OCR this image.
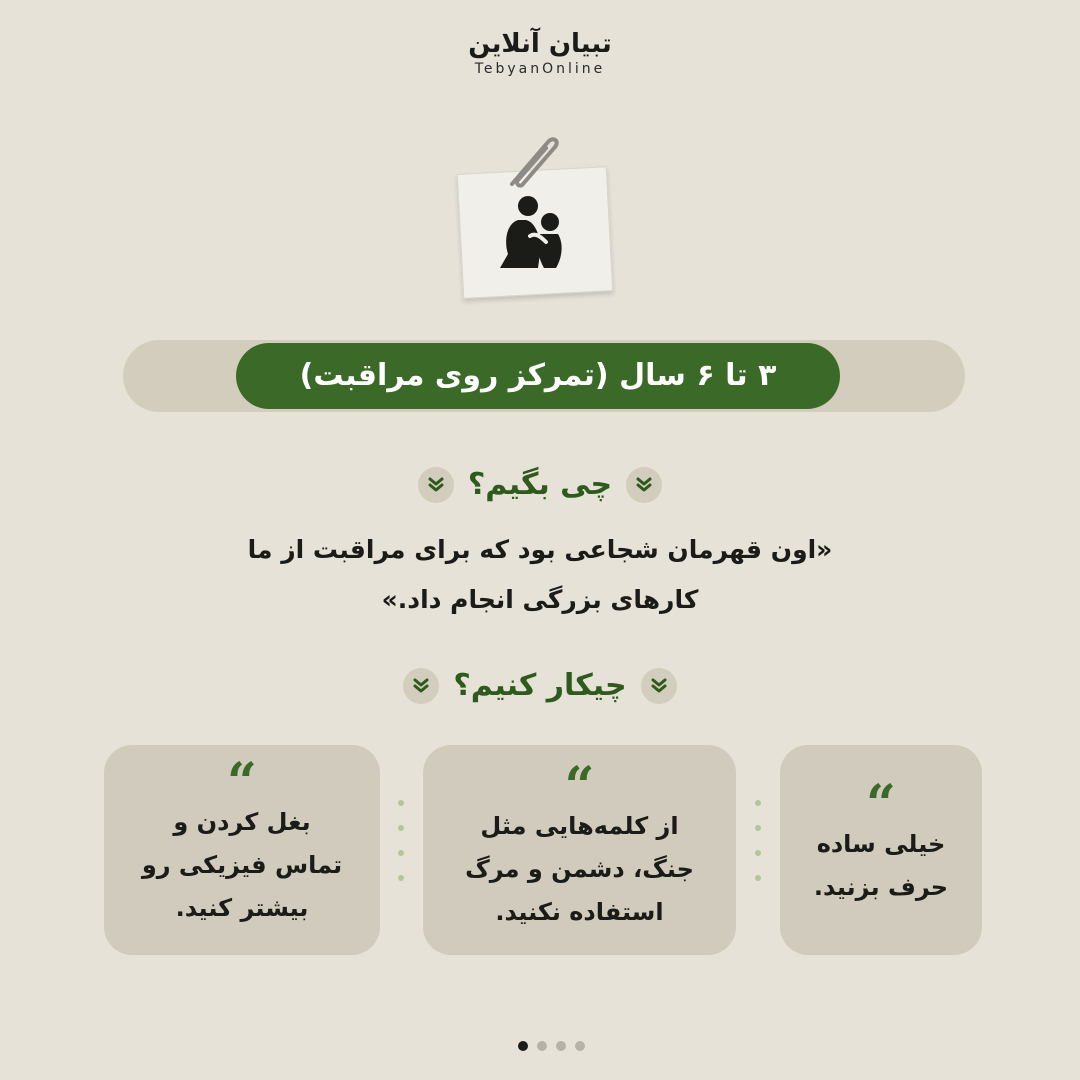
تبیان آنلاین
TebyanOnline
۳ تا ۶ سال (تمرکز روی مراقبت)
چی بگیم؟
«اون قهرمان شجاعی بود که برای مراقبت از ما
کارهای بزرگی انجام داد.»
چیکار کنیم؟
“
خیلی ساده
حرف بزنید.
“
از کلمه‌هایی مثل
جنگ، دشمن و مرگ
استفاده نکنید.
“
بغل کردن و
تماس فیزیکی رو
بیشتر کنید.
